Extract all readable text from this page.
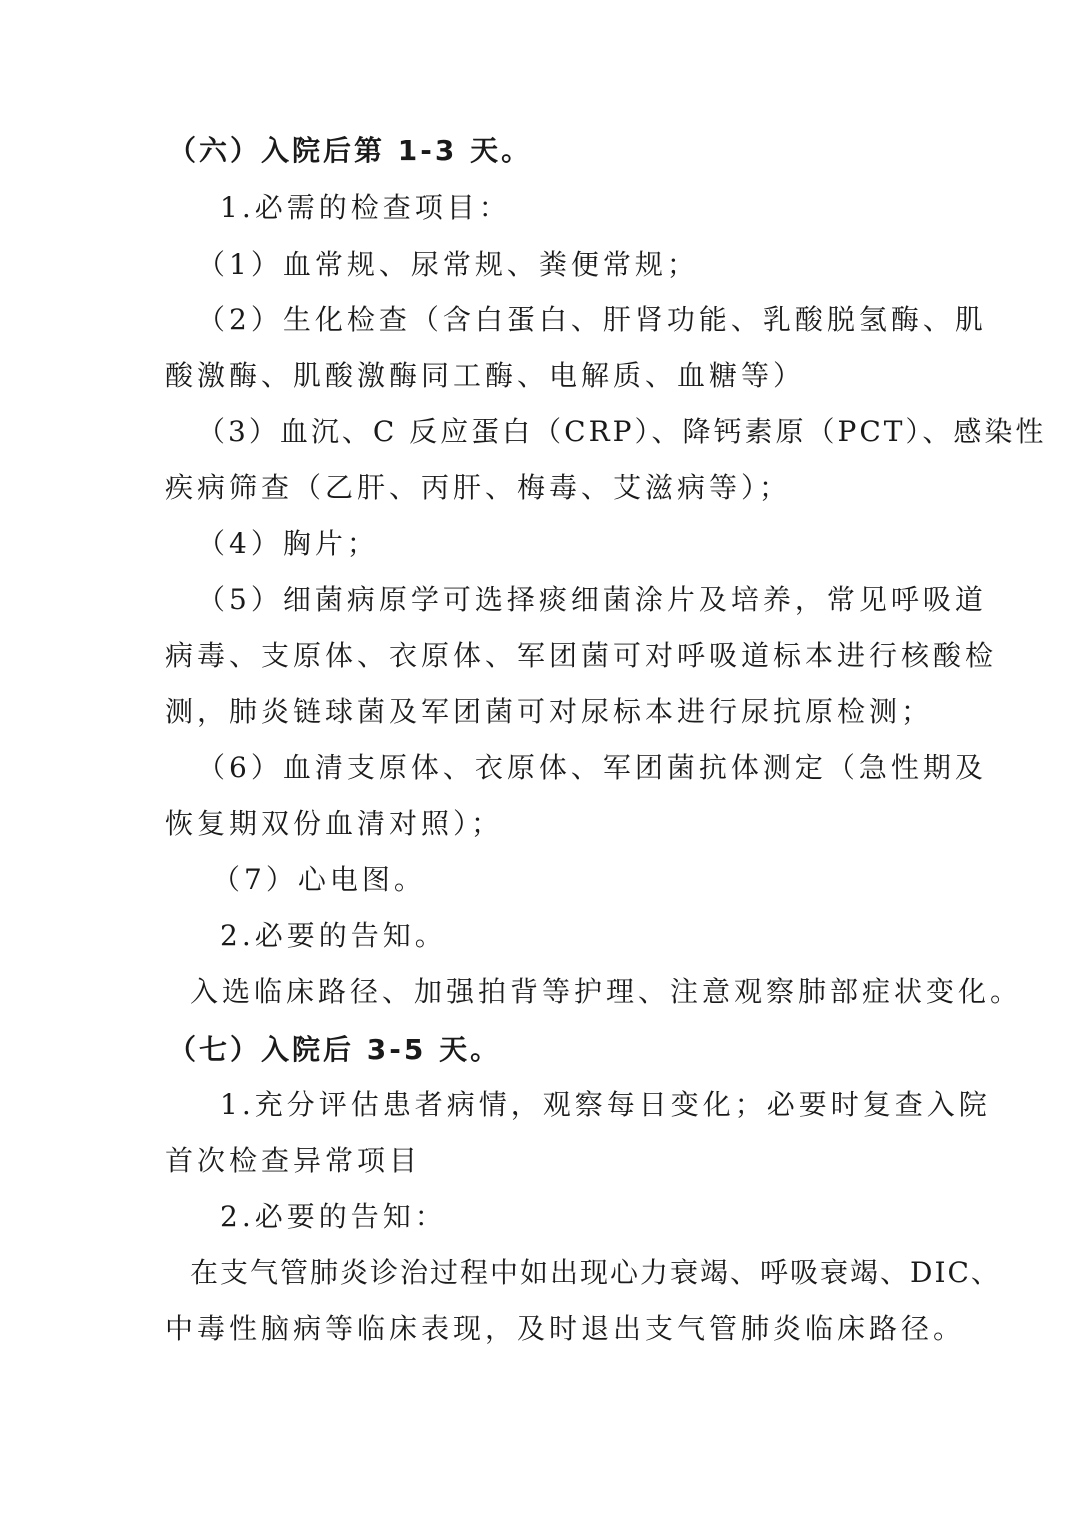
（六）入院后第 1-3 天。
1.必需的检查项目：
（1）血常规、尿常规、粪便常规；
（2）生化检查（含白蛋白、肝肾功能、乳酸脱氢酶、肌
酸激酶、肌酸激酶同工酶、电解质、血糖等）
（3）血沉、C 反应蛋白（CRP）、降钙素原（PCT）、感染性
疾病筛查（乙肝、丙肝、梅毒、艾滋病等）；
（4）胸片；
（5）细菌病原学可选择痰细菌涂片及培养，常见呼吸道
病毒、支原体、衣原体、军团菌可对呼吸道标本进行核酸检
测，肺炎链球菌及军团菌可对尿标本进行尿抗原检测；
（6）血清支原体、衣原体、军团菌抗体测定（急性期及
恢复期双份血清对照）；
（7）心电图。
2.必要的告知。
入选临床路径、加强拍背等护理、注意观察肺部症状变化。
（七）入院后 3-5 天。
1.充分评估患者病情，观察每日变化；必要时复查入院
首次检查异常项目
2.必要的告知：
在支气管肺炎诊治过程中如出现心力衰竭、呼吸衰竭、DIC、
中毒性脑病等临床表现，及时退出支气管肺炎临床路径。
